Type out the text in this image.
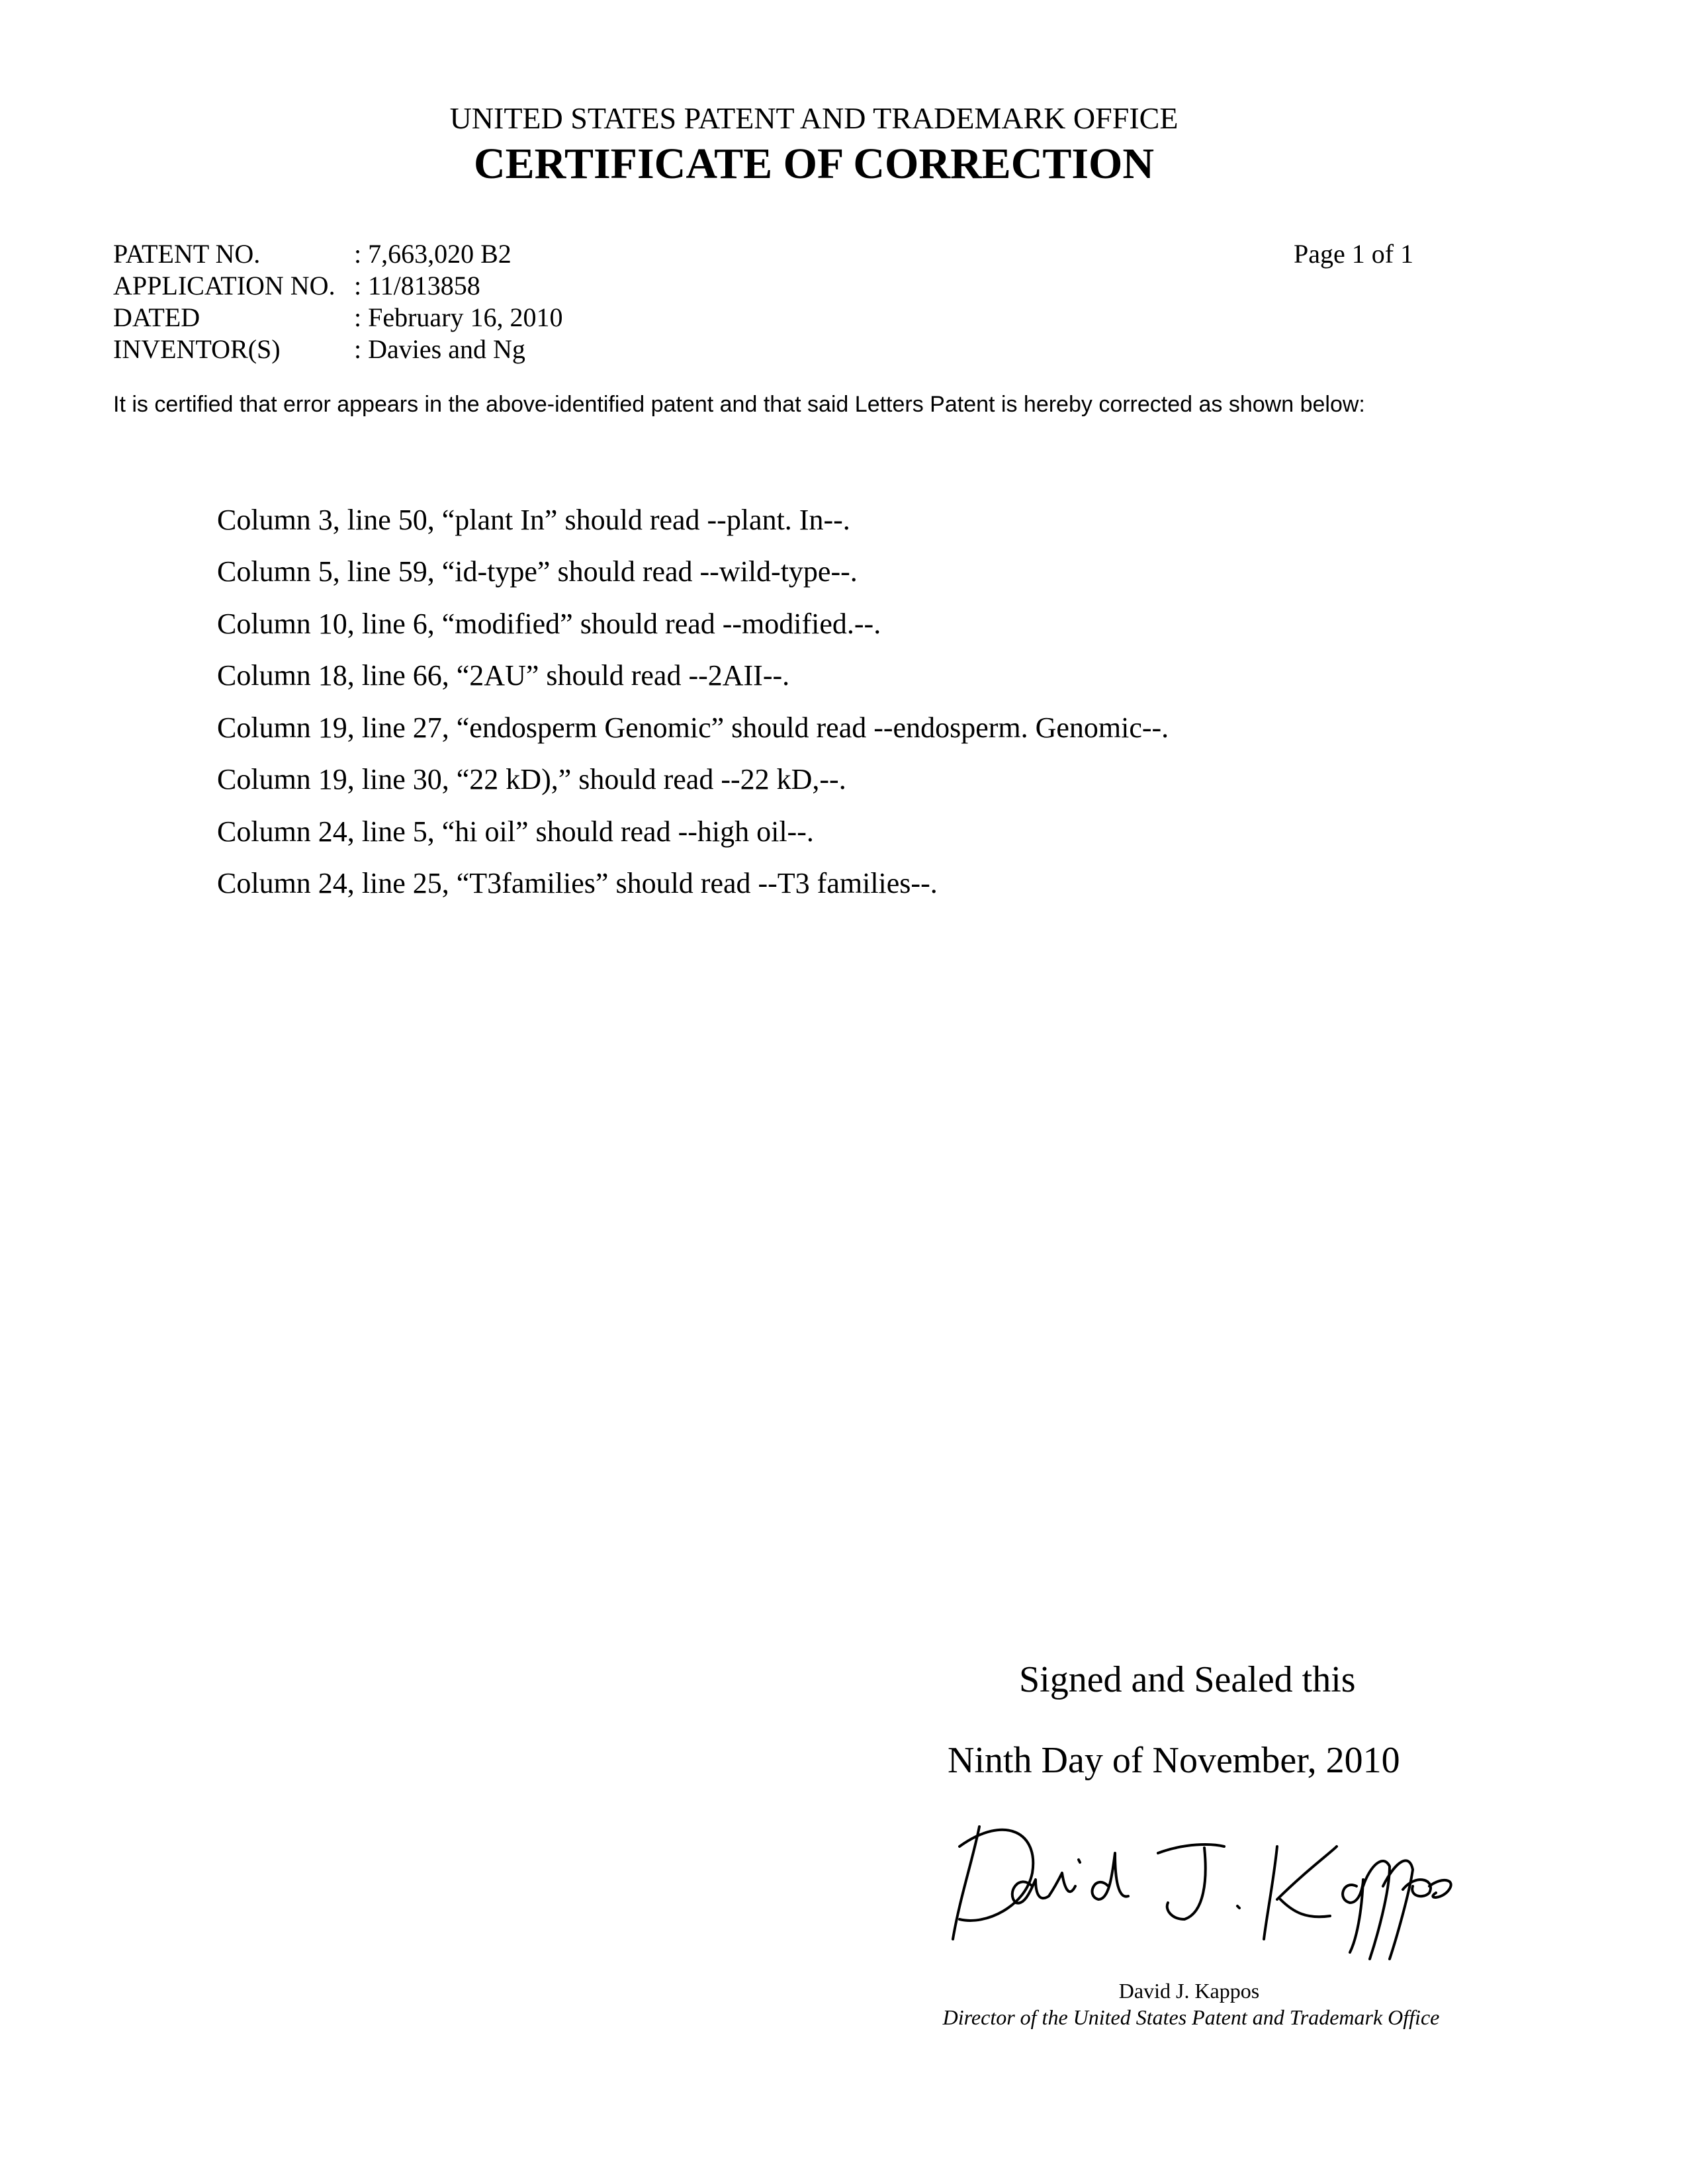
UNITED STATES PATENT AND TRADEMARK OFFICE
CERTIFICATE OF CORRECTION
PATENT NO.	: 7,663,020 B2
APPLICATION NO. : 11/813858
DATED	: February 16, 2010
INVENTOR(S)	: Davies and Ng
Page 1 of 1
It is certified that error appears in the above-identified patent and that said Letters Patent is hereby corrected as shown below:
Column 3, line 50, “plant In” should read --plant. In--.
Column 5, line 59, “id-type” should read --wild-type--.
Column 10, line 6, “modified” should read --modified.--.
Column 18, line 66, “2AU” should read --2AII--.
Column 19, line 27, “endosperm Genomic” should read --endosperm. Genomic--.
Column 19, line 30, “22 kD),” should read --22 kD,--.
Column 24, line 5, “hi oil” should read --high oil--.
Column 24, line 25, “T3families” should read --T3 families--.
Signed and Sealed this
Ninth Day of November, 2010
David J. Kappos
Director of the United States Patent and Trademark Office
